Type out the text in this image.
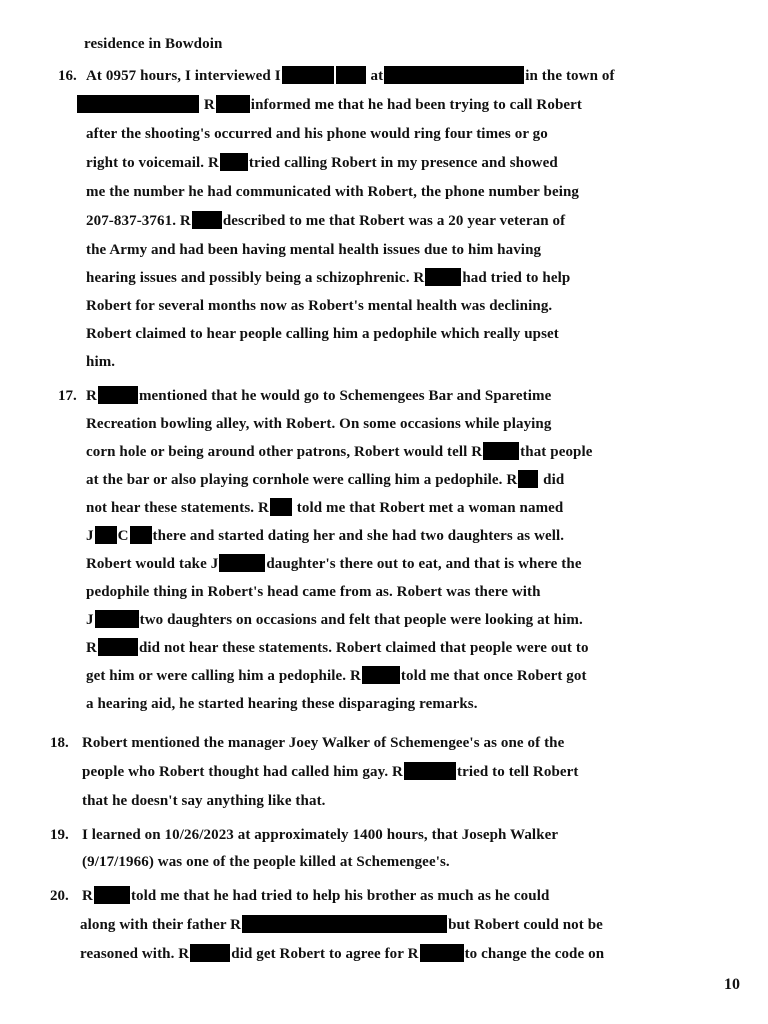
residence in Bowdoin
16. At 0957 hours, I interviewed I	at	in the town of
R informed me that he had been trying to call Robert
after the shooting's occurred and his phone would ring four times or go
right to voicemail. R tried calling Robert in my presence and showed
me the number he had communicated with Robert, the phone number being
207-837-3761. R described to me that Robert was a 20 year veteran of
the Army and had been having mental health issues due to him having
hearing issues and possibly being a schizophrenic. R	had tried to help
Robert for several months now as Robert's mental health was declining.
Robert claimed to hear people calling him a pedophile which really upset
him.
17. R	mentioned that he would go to Schemengees Bar and Sparetime
Recreation bowling alley, with Robert. On some occasions while playing
corn hole or being around other patrons, Robert would tell R	that people
at the bar or also playing cornhole were calling him a pedophile. R did
not hear these statements. R told me that Robert met a woman named
J C there and started dating her and she had two daughters as well.
Robert would take J	daughter's there out to eat, and that is where the
pedophile thing in Robert's head came from as. Robert was there with
J	two daughters on occasions and felt that people were looking at him.
R	did not hear these statements. Robert claimed that people were out to
get him or were calling him a pedophile. R	told me that once Robert got
a hearing aid, he started hearing these disparaging remarks.
18. Robert mentioned the manager Joey Walker of Schemengee's as one of the
people who Robert thought had called him gay. R	tried to tell Robert
that he doesn't say anything like that.
19. I learned on 10/26/2023 at approximately 1400 hours, that Joseph Walker
(9/17/1966) was one of the people killed at Schemengee's.
20. R	told me that he had tried to help his brother as much as he could
along with their father R	but Robert could not be
reasoned with. R	did get Robert to agree for R	to change the code on
10
